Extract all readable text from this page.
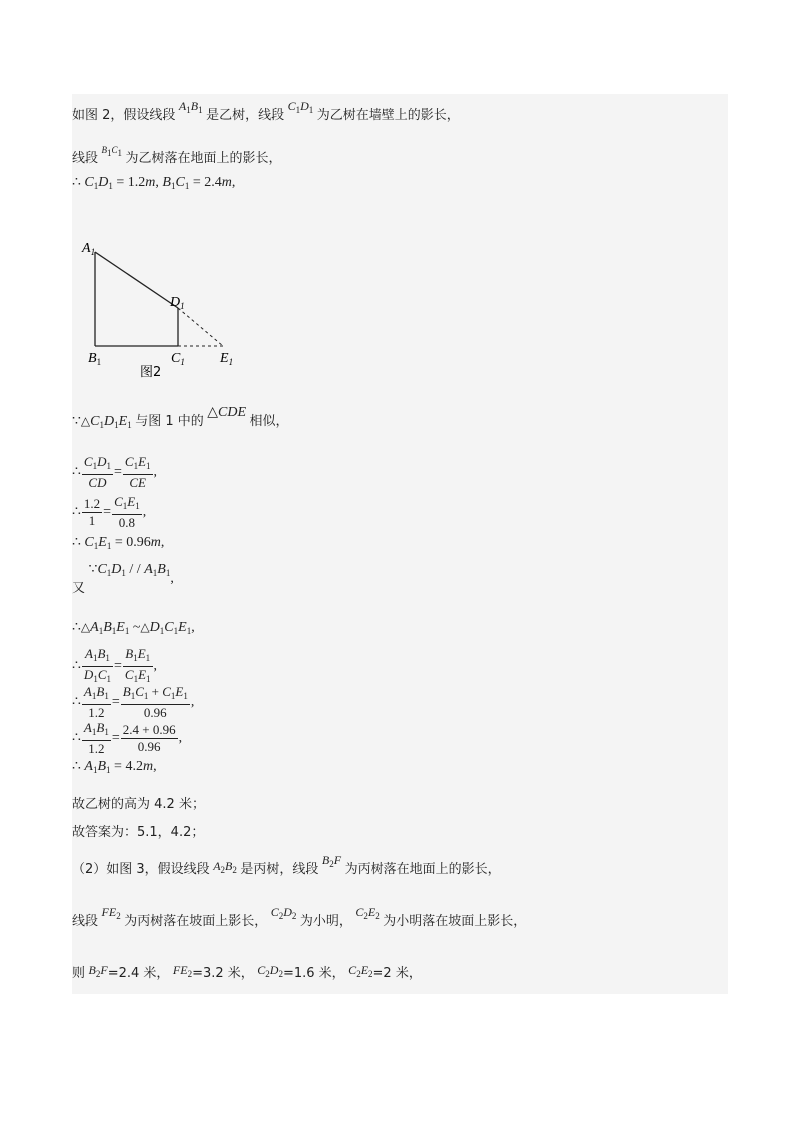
如图 2，假设线段 $A_1B_1$ 是乙树，线段 $C_1D_1$ 为乙树在墙壁上的影长，
线段 $^{B_1C_1}$ 为乙树落在地面上的影长，
∴ $C_1D_1 = 1.2m$, $B_1C_1 = 2.4m$,
$A_1$
$D_1$
$B_1$	$C_1$	$E_1$
图2
$\because\triangle C_1D_1E_1$ 与图 1 中的 △CDE 相似，
∴ $\frac{C_1D_1}{CD} = \frac{C_1E_1}{CE}$ ,
∴ $\frac{1.2}{1} = \frac{C_1E_1}{0.8}$ ,
∴ $C_1E_1 = 0.96m$,
又 $\because C_1D_1$ / / $A_1B_1$,
$\therefore\triangle A_1B_1E_1$ $\sim\triangle D_1C_1E_1$,
∴ $\frac{A_1B_1}{D_1C_1} = \frac{B_1E_1}{C_1E_1}$ ,
∴ $\frac{A_1B_1}{1.2} = \frac{B_1C_1 + C_1E_1}{0.96}$ ,
∴ $\frac{A_1B_1}{1.2} = \frac{2.4 + 0.96}{0.96}$ ,
∴ $A_1B_1 = 4.2m$,
故乙树的高为 4.2 米；
故答案为：5.1，4.2；
（2）如图 3，假设线段 $A_2B_2$ 是丙树，线段 $B_2F$ 为丙树落在地面上的影长，
线段 $FE_2$ 为丙树落在坡面上影长， $C_2D_2$ 为小明， $C_2E_2$ 为小明落在坡面上影长，
则 $B_2F=2.4$ 米， $FE_2=3.2$ 米， $C_2D_2=1.6$ 米， $C_2E_2=2$ 米，
